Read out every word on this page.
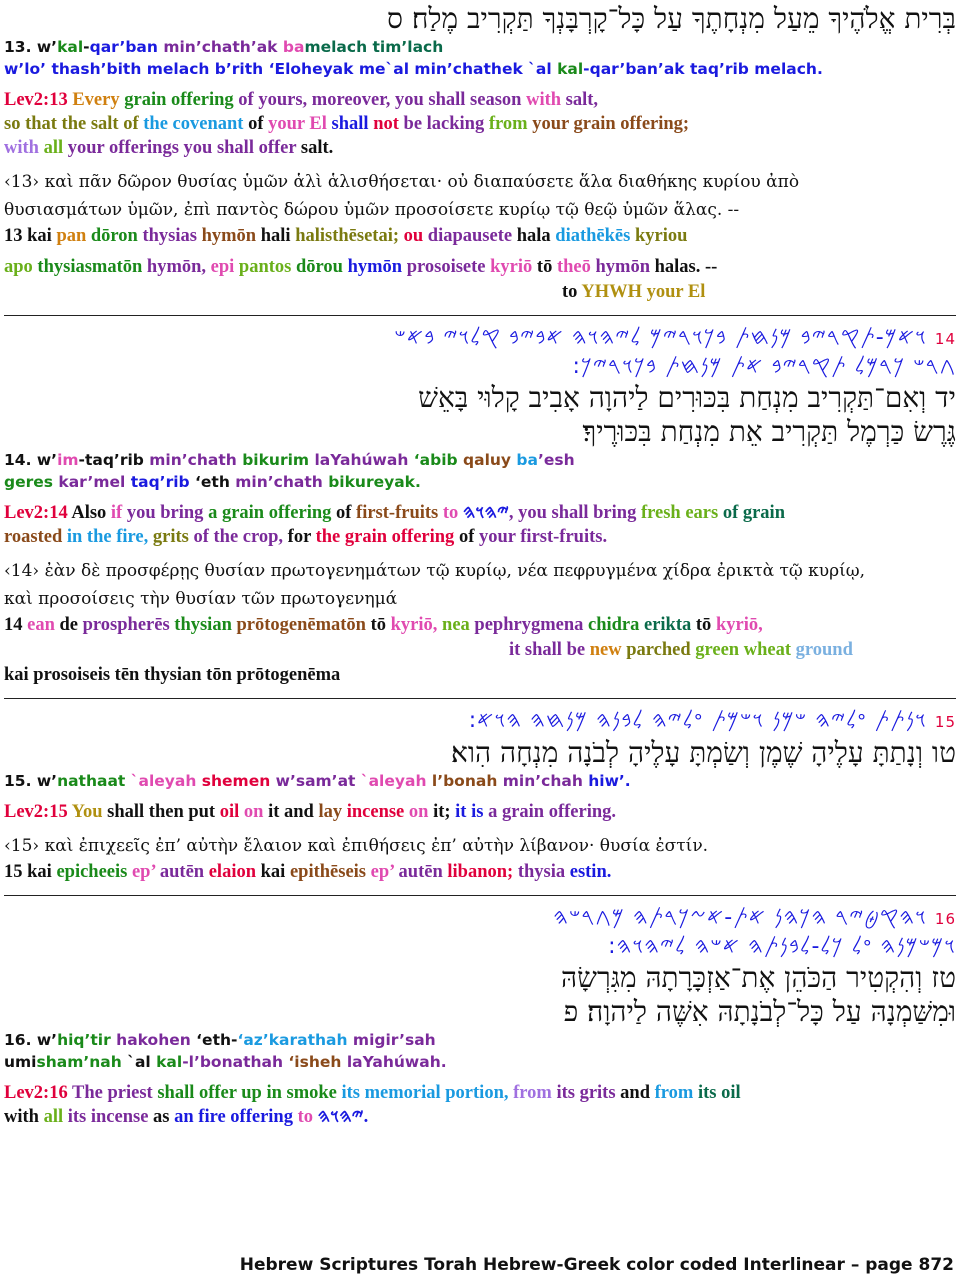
בְּרִית אֱלֹהֶיךָ מֵעַל מִנְחָתֶךָ עַל כָּל־קָרְבָּנְךָ תַּקְרִיב מֶלַח׃ ס
13. w’kal-qar’ban min’chath’ak bamelach tim’lach
w’lo’ thash’bith melach b’rith ‘Eloheyak me`al min’chathek `al kal-qar’ban’ak taq’rib melach.
Lev2:13 Every grain offering of yours, moreover, you shall season with salt,
so that the salt of the covenant of your El shall not be lacking from your grain offering;
with all your offerings you shall offer salt.
‹13› καὶ πᾶν δῶρον θυσίας ὑμῶν ἁλὶ ἁλισθήσεται· οὐ διαπαύσετε ἅλα διαθήκης κυρίου ἀπὸ
θυσιασμάτων ὑμῶν, ἐπὶ παντὸς δώρου ὑμῶν προσοίσετε κυρίῳ τῷ θεῷ ὑμῶν ἅλας. --
13 kai pan dōron thysias hymōn hali halisthēsetai; ou diapausete hala diathēkēs kyriou
apo thysiasmatōn hymōn, epi pantos dōrou hymōn prosoisete kyriō tō theō hymōn halas. --
to YHWH your El
14 𐤅𐤀𐤌-𐤕𐤒𐤓𐤉𐤁 𐤌𐤍𐤇𐤕 𐤁𐤊𐤅𐤓𐤉𐤌 𐤋𐤉𐤄𐤅𐤄 𐤀𐤁𐤉𐤁 𐤒𐤋𐤅𐤉 𐤁𐤀𐤔
𐤂𐤓𐤔 𐤊𐤓𐤌𐤋 𐤕𐤒𐤓𐤉𐤁 𐤀𐤕 𐤌𐤍𐤇𐤕 𐤁𐤊𐤅𐤓𐤉𐤊:
יד וְאִם־תַּקְרִיב מִנְחַת בִּכּוּרִים לַיהוָה אָבִיב קָלוּי בָּאֵשׁ
גֶּרֶשׂ כַּרְמֶל תַּקְרִיב אֵת מִנְחַת בִּכּוּרֶיךָ׃
14. w’im-taq’rib min’chath bikurim laYahúwah ‘abib qaluy ba’esh
geres kar’mel taq’rib ‘eth min’chath bikureyak.
Lev2:14 Also if you bring a grain offering of first-fruits to 𐤉𐤄𐤅𐤄, you shall bring fresh ears of grain
roasted in the fire, grits of the crop, for the grain offering of your first-fruits.
‹14› ἐὰν δὲ προσφέρῃς θυσίαν πρωτογενημάτων τῷ κυρίῳ, νέα πεφρυγμένα χίδρα ἐρικτὰ τῷ κυρίῳ,
καὶ προσοίσεις τὴν θυσίαν τῶν πρωτογενημά
14 ean de prospherēs thysian prōtogenēmatōn tō kyriō, nea pephrygmena chidra erikta tō kyriō,
it shall be new parched green wheat ground
kai prosoiseis tēn thysian tōn prōtogenēma
15 𐤅𐤍𐤕𐤕 𐤏𐤋𐤉𐤄 𐤔𐤌𐤍 𐤅𐤔𐤌𐤕 𐤏𐤋𐤉𐤄 𐤋𐤁𐤍𐤄 𐤌𐤍𐤇𐤄 𐤄𐤅𐤀:
טו וְנָתַתָּ עָלֶיהָ שֶׁמֶן וְשַׂמְתָּ עָלֶיהָ לְבֹנָה מִנְחָה הִוא׃
15. w’nathaat `aleyah shemen w’sam’at `aleyah l’bonah min’chah hiw’.
Lev2:15 You shall then put oil on it and lay incense on it; it is a grain offering.
‹15› καὶ ἐπιχεεῖς ἐπ’ αὐτὴν ἔλαιον καὶ ἐπιθήσεις ἐπ’ αὐτὴν λίβανον· θυσία ἐστίν.
15 kai epicheeis ep’ autēn elaion kai epithēseis ep’ autēn libanon; thysia estin.
16 𐤅𐤄𐤒𐤈𐤉𐤓 𐤄𐤊𐤄𐤍 𐤀𐤕-𐤀𐤆𐤊𐤓𐤕𐤄 𐤌𐤂𐤓𐤔𐤄
𐤅𐤌𐤔𐤌𐤍𐤄 𐤏𐤋 𐤊𐤋-𐤋𐤁𐤍𐤕𐤄 𐤀𐤔𐤄 𐤋𐤉𐤄𐤅𐤄:
טז וְהִקְטִיר הַכֹּהֵן אֶת־אַזְכָּרָתָהּ מִגִּרְשָׂהּ
וּמִשַּׁמְנָהּ עַל כָּל־לְבֹנָתָהּ אִשֶּׁה לַיהוָה׃ פ
16. w’hiq’tir hakohen ‘eth-‘az’karathah migir’sah
umisham’nah `al kal-l’bonathah ‘isheh laYahúwah.
Lev2:16 The priest shall offer up in smoke its memorial portion, from its grits and from its oil
with all its incense as an fire offering to 𐤉𐤄𐤅𐤄.
Hebrew Scriptures Torah Hebrew-Greek color coded Interlinear – page 872
